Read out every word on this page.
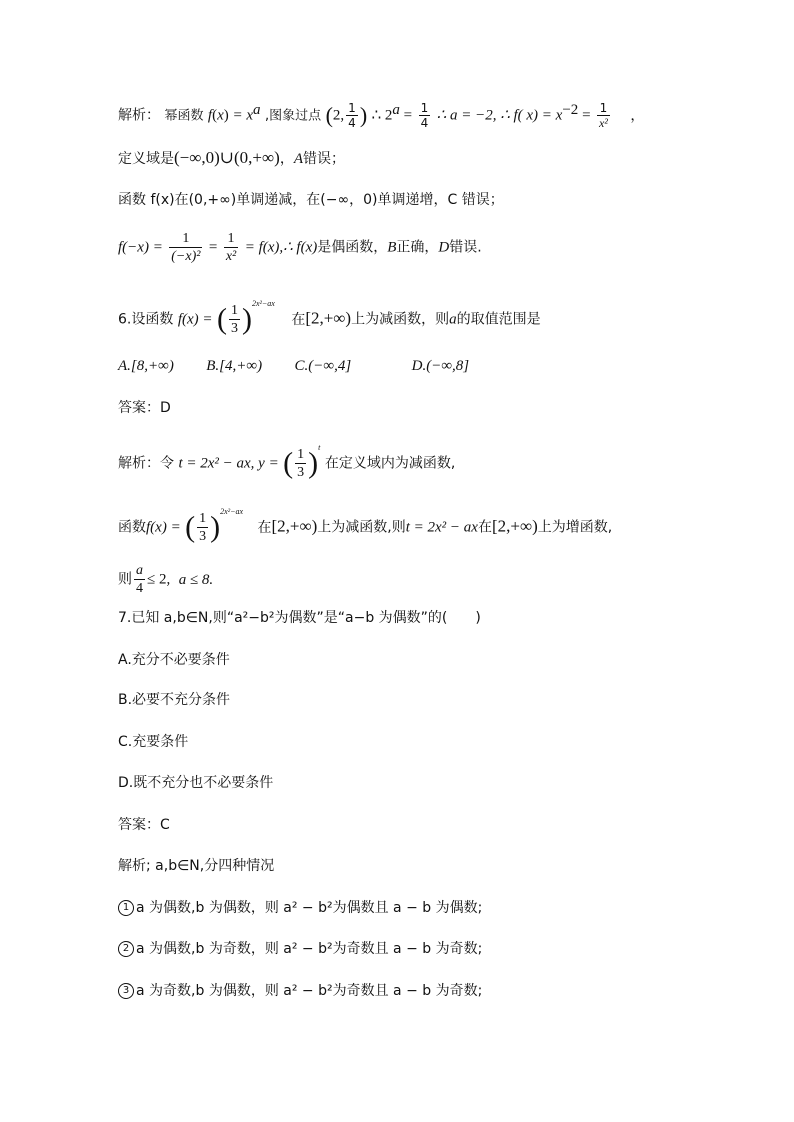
解析： 幂函数 $f(x) = x^a$ ,图象过点 (2, $\frac{1}{4}$ ) ∴ $2^a = \frac{1}{4}$ ∴ a = −2, ∴ f( $x) = x^{-2} = \frac{1}{\text{x²}}$ ，
定义域是(−∞,0)∪(0,+∞)，A错误；
函数 f(x)在(0,+∞)单调递减，在(−∞，0)单调递增，C 错误；
$f(-x) = \frac{1}{\text{(−x)²}} = \frac{1}{\text{x²}}$ = f(x),∴ f(x)是偶函数，B正确，D错误.
6.设函数 f(x) = ( $\frac{1}{3} )^{2x^2-ax}$ 在[2,+∞)上为减函数，则a的取值范围是
A.[8,+∞) B.[4,+∞) C.(−∞,4]	D.(−∞,8]
答案：D
解析：令 t = 2x² − ax, y = ( $\frac{1}{3} )^t$ 在定义域内为减函数,
函数f(x) = ( $\frac{1}{3} )^{2x^2-ax}$ 在[2,+∞)上为减函数,则t = 2x² − ax在[2,+∞)上为增函数,
则 $\frac{a}{4} \le 2$, a ≤ 8.
7.已知 a,b∈N,则“a²−b²为偶数”是“a−b 为偶数”的(　　)
A.充分不必要条件
B.必要不充分条件
C.充要条件
D.既不充分也不必要条件
答案：C
解析; a,b∈N,分四种情况
1 a 为偶数,b 为偶数，则 a² − b²为偶数且 a − b 为偶数;
2 a 为偶数,b 为奇数，则 a² − b²为奇数且 a − b 为奇数;
3 a 为奇数,b 为偶数，则 a² − b²为奇数且 a − b 为奇数;
